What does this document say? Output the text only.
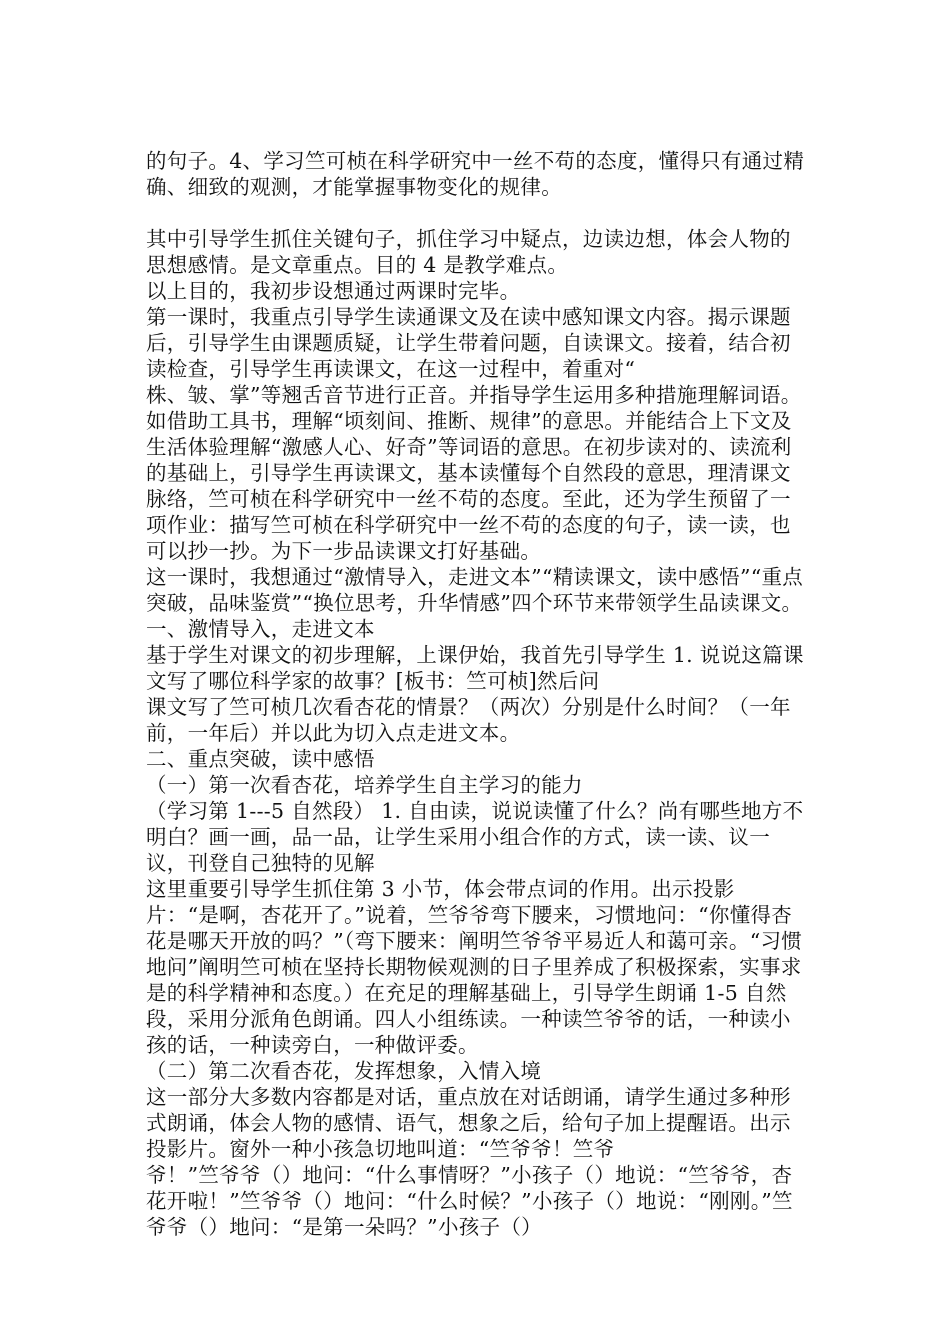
的句子。4、学习竺可桢在科学研究中一丝不苟的态度，懂得只有通过精确、细致的观测，才能掌握事物变化的规律。

其中引导学生抓住关键句子，抓住学习中疑点，边读边想，体会人物的思想感情。是文章重点。目的 4 是教学难点。

以上目的，我初步设想通过两课时完毕。

第一课时，我重点引导学生读通课文及在读中感知课文内容。揭示课题后，引导学生由课题质疑，让学生带着问题，自读课文。接着，结合初读检查，引导学生再读课文，在这一过程中，着重对“

株、皱、掌”等翘舌音节进行正音。并指导学生运用多种措施理解词语。如借助工具书，理解“顷刻间、推断、规律”的意思。并能结合上下文及生活体验理解“激感人心、好奇”等词语的意思。在初步读对的、读流利的基础上，引导学生再读课文，基本读懂每个自然段的意思，理清课文脉络，竺可桢在科学研究中一丝不苟的态度。至此，还为学生预留了一项作业：描写竺可桢在科学研究中一丝不苟的态度的句子，读一读，也可以抄一抄。为下一步品读课文打好基础。

这一课时，我想通过“激情导入，走进文本”“精读课文，读中感悟”“重点突破，品味鉴赏”“换位思考，升华情感”四个环节来带领学生品读课文。

一、激情导入，走进文本

基于学生对课文的初步理解，上课伊始，我首先引导学生 1. 说说这篇课文写了哪位科学家的故事？[板书：竺可桢]然后问

课文写了竺可桢几次看杏花的情景？（两次）分别是什么时间？（一年前，一年后）并以此为切入点走进文本。

二、重点突破，读中感悟

（一）第一次看杏花，培养学生自主学习的能力

（学习第 1---5 自然段） 1. 自由读，说说读懂了什么？尚有哪些地方不明白？画一画，品一品，让学生采用小组合作的方式，读一读、议一议，刊登自己独特的见解

这里重要引导学生抓住第 3 小节，体会带点词的作用。出示投影片：“是啊，杏花开了。”说着，竺爷爷弯下腰来，习惯地问：“你懂得杏花是哪天开放的吗？”（弯下腰来：阐明竺爷爷平易近人和蔼可亲。“习惯地问”阐明竺可桢在坚持长期物候观测的日子里养成了积极探索，实事求是的科学精神和态度。）在充足的理解基础上，引导学生朗诵 1-5 自然段，采用分派角色朗诵。四人小组练读。一种读竺爷爷的话，一种读小孩的话，一种读旁白，一种做评委。

（二）第二次看杏花，发挥想象，入情入境

这一部分大多数内容都是对话，重点放在对话朗诵，请学生通过多种形式朗诵，体会人物的感情、语气，想象之后，给句子加上提醒语。出示投影片。窗外一种小孩急切地叫道：“竺爷爷！竺爷

爷！”竺爷爷（）地问：“什么事情呀？”小孩子（）地说：“竺爷爷，杏花开啦！”竺爷爷（）地问：“什么时候？”小孩子（）地说：“刚刚。”竺爷爷（）地问：“是第一朵吗？”小孩子（）
